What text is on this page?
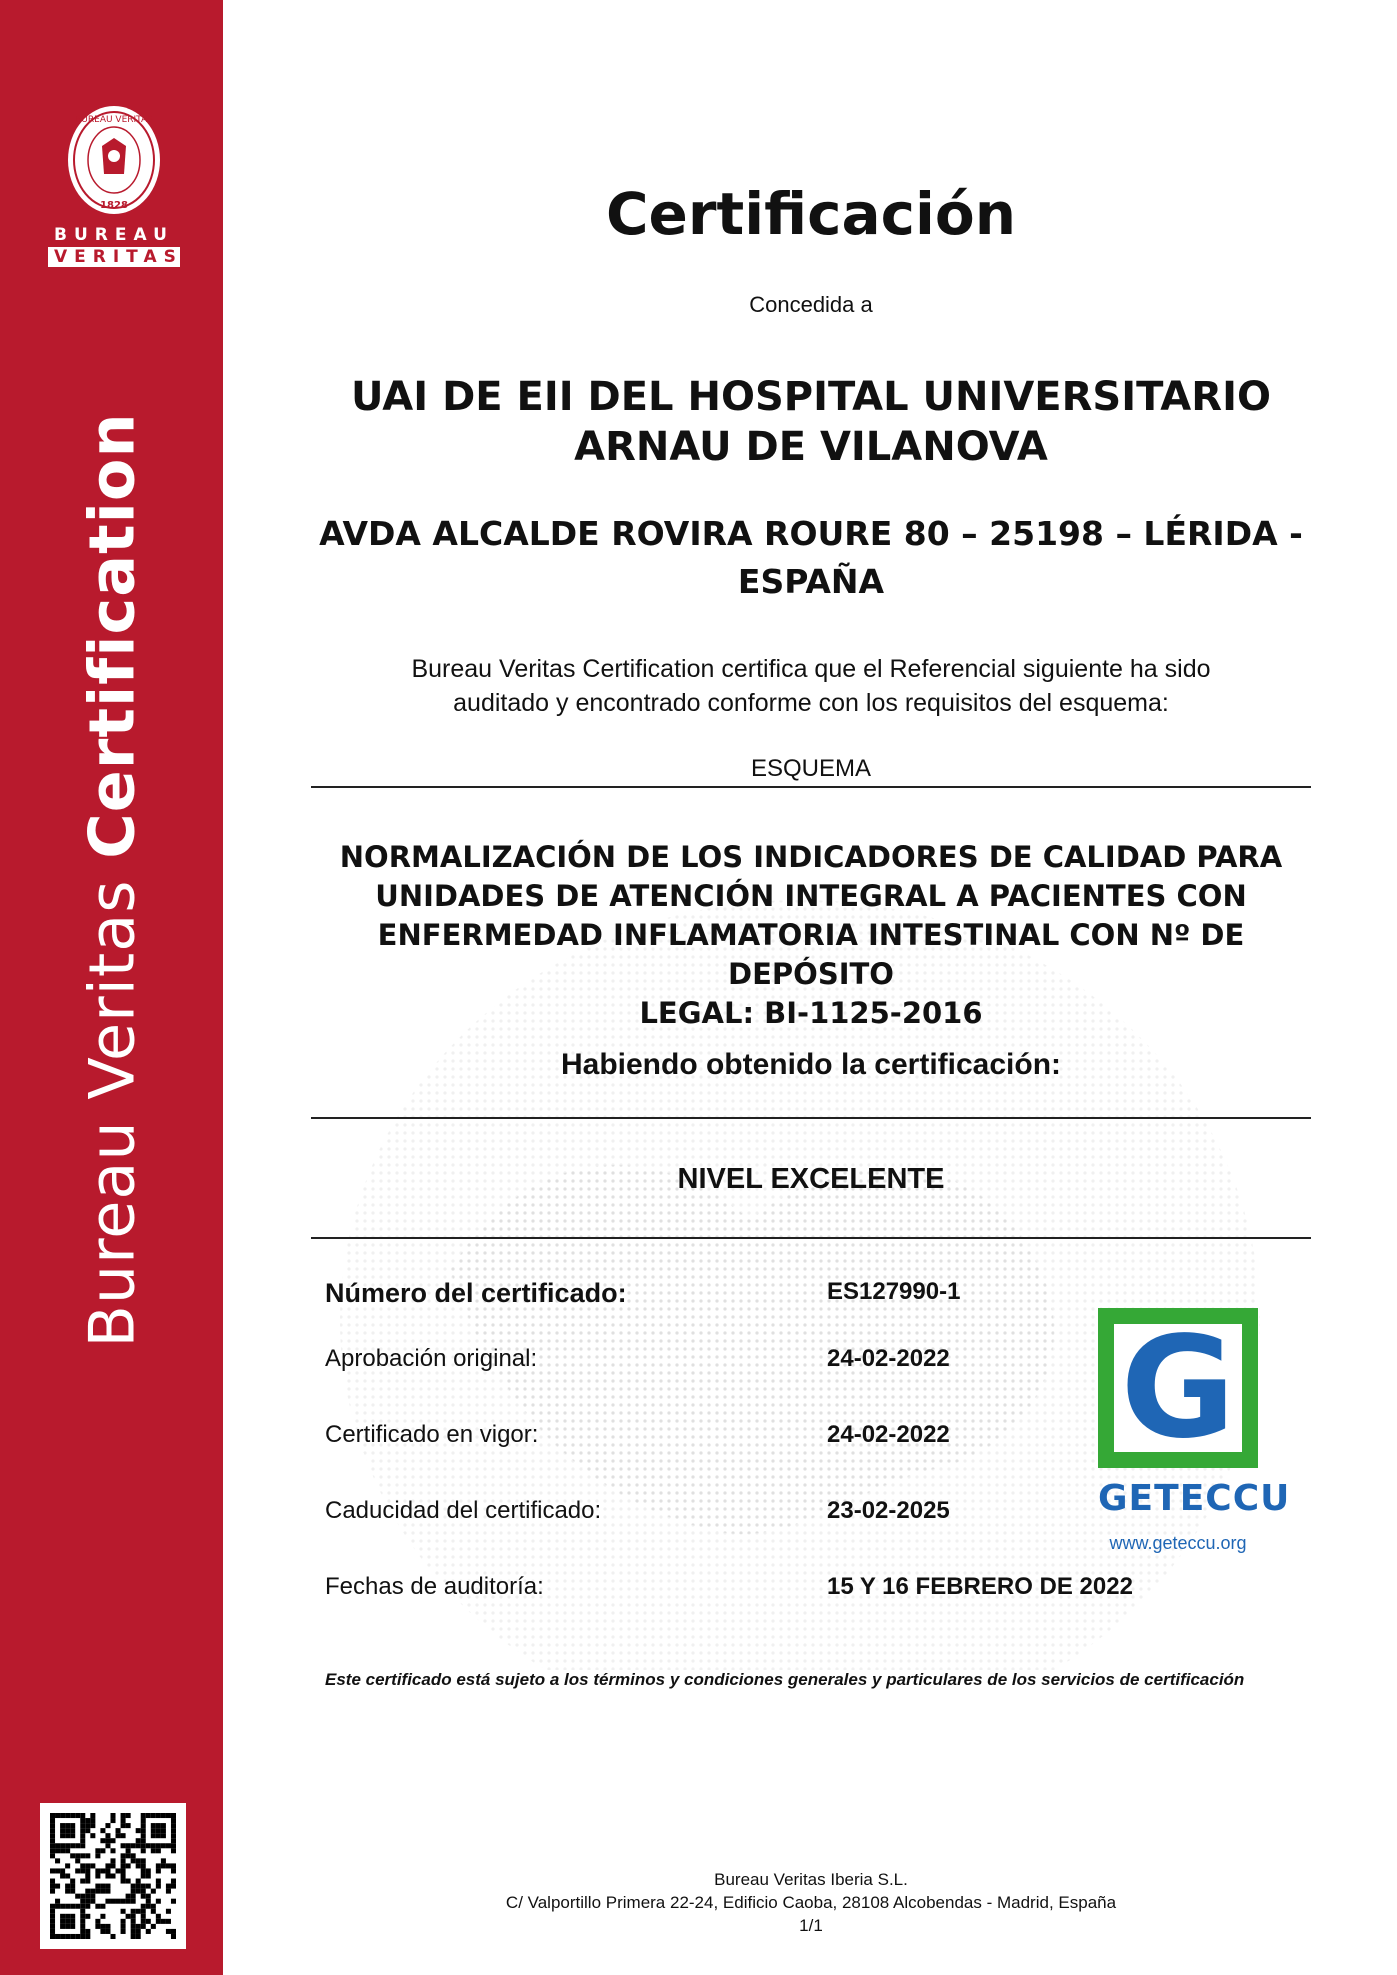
BUREAU VERITAS
1828
BUREAU
VERITAS
Bureau Veritas Certification
Certificación
Concedida a
UAI DE EII DEL HOSPITAL UNIVERSITARIO
ARNAU DE VILANOVA
AVDA ALCALDE ROVIRA ROURE 80 – 25198 – LÉRIDA -
ESPAÑA
Bureau Veritas Certification certifica que el Referencial siguiente ha sido
auditado y encontrado conforme con los requisitos del esquema:
ESQUEMA
NORMALIZACIÓN DE LOS INDICADORES DE CALIDAD PARA
UNIDADES DE ATENCIÓN INTEGRAL A PACIENTES CON
ENFERMEDAD INFLAMATORIA INTESTINAL CON Nº DE DEPÓSITO
LEGAL: BI-1125-2016
Habiendo obtenido la certificación:
NIVEL EXCELENTE
Número del certificado:	ES127990-1
Aprobación original:	24-02-2022
Certificado en vigor:	24-02-2022
Caducidad del certificado:	23-02-2025
Fechas de auditoría:	15 Y 16 FEBRERO DE 2022
G
GETECCU
www.geteccu.org
Este certificado está sujeto a los términos y condiciones generales y particulares de los servicios de certificación
Bureau Veritas Iberia S.L.
C/ Valportillo Primera 22-24, Edificio Caoba, 28108 Alcobendas - Madrid, España
1/1
